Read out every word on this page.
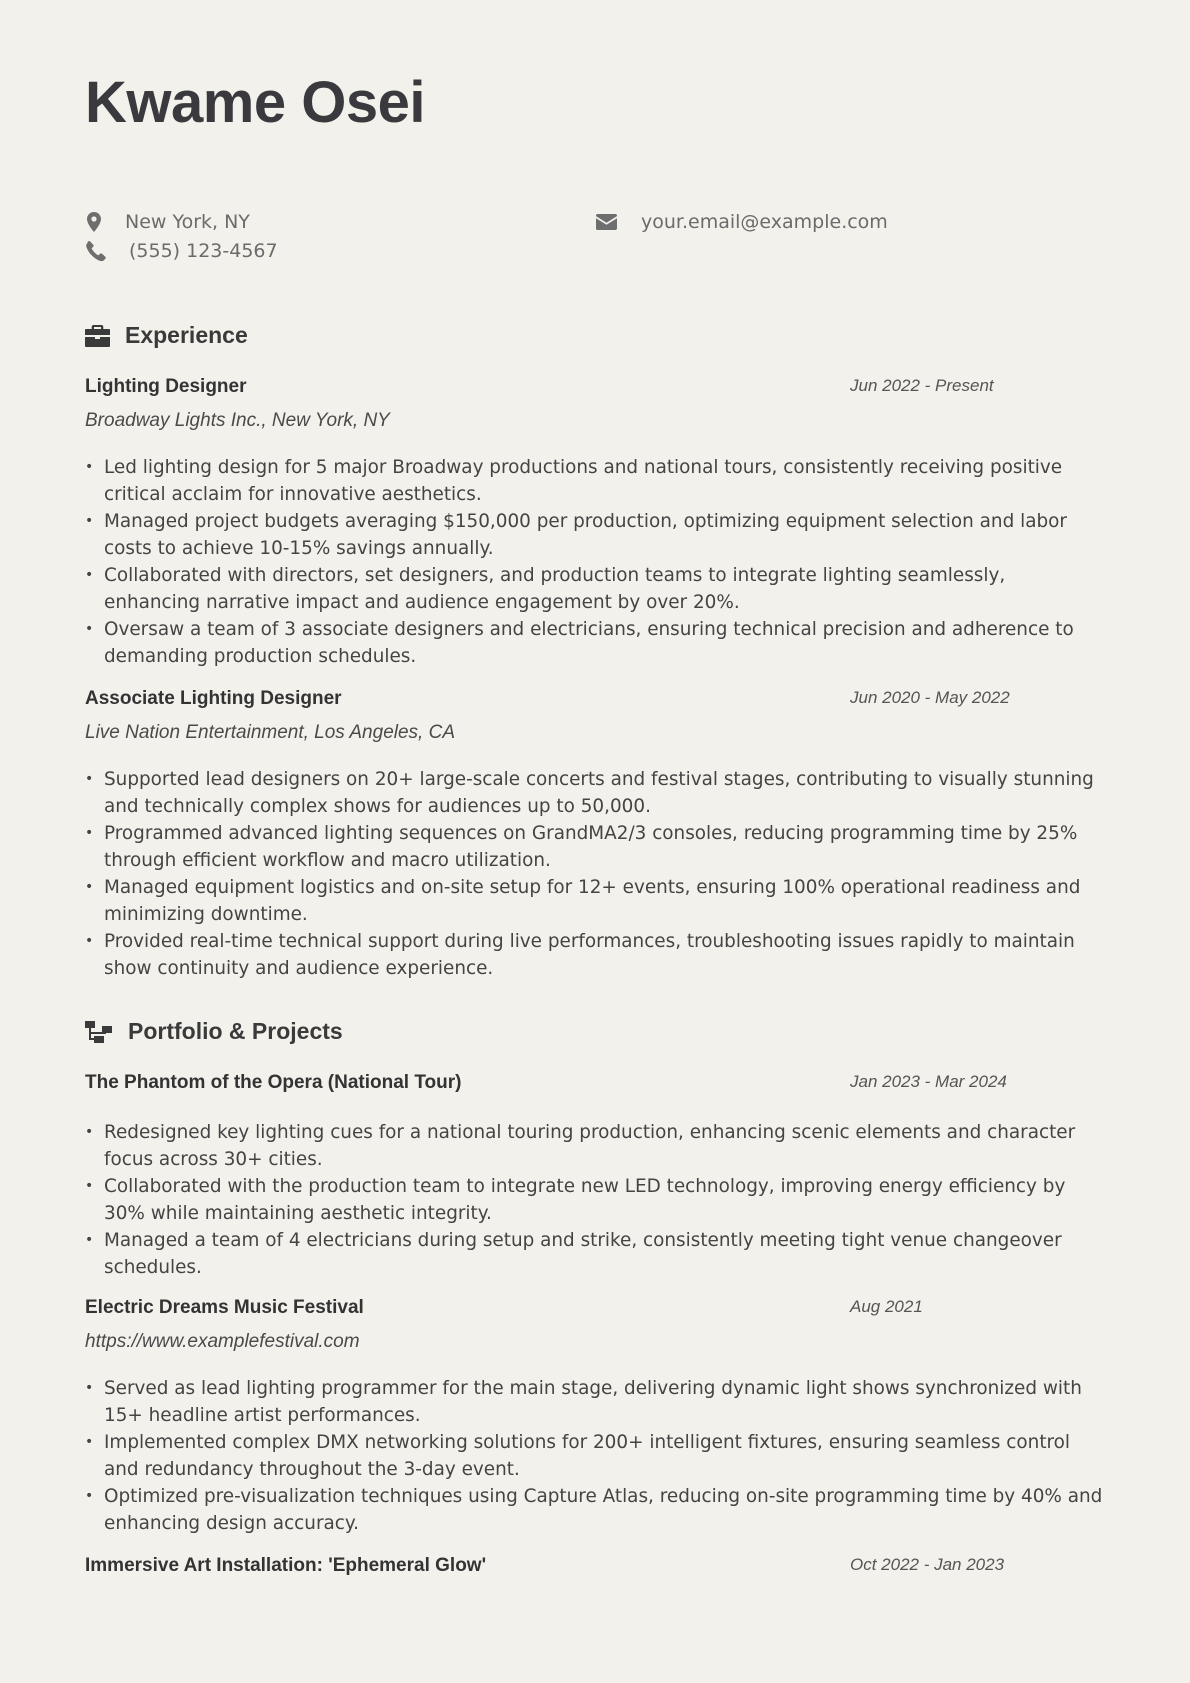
Kwame Osei
New York, NY
(555) 123-4567
your.email@example.com
Experience
Lighting Designer	Jun 2022 - Present
Broadway Lights Inc., New York, NY
• Led lighting design for 5 major Broadway productions and national tours, consistently receiving positive critical acclaim for innovative aesthetics.
• Managed project budgets averaging $150,000 per production, optimizing equipment selection and labor costs to achieve 10-15% savings annually.
• Collaborated with directors, set designers, and production teams to integrate lighting seamlessly, enhancing narrative impact and audience engagement by over 20%.
• Oversaw a team of 3 associate designers and electricians, ensuring technical precision and adherence to demanding production schedules.
Associate Lighting Designer	Jun 2020 - May 2022
Live Nation Entertainment, Los Angeles, CA
• Supported lead designers on 20+ large-scale concerts and festival stages, contributing to visually stunning and technically complex shows for audiences up to 50,000.
• Programmed advanced lighting sequences on GrandMA2/3 consoles, reducing programming time by 25% through efficient workflow and macro utilization.
• Managed equipment logistics and on-site setup for 12+ events, ensuring 100% operational readiness and minimizing downtime.
• Provided real-time technical support during live performances, troubleshooting issues rapidly to maintain show continuity and audience experience.
Portfolio & Projects
The Phantom of the Opera (National Tour)	Jan 2023 - Mar 2024
• Redesigned key lighting cues for a national touring production, enhancing scenic elements and character focus across 30+ cities.
• Collaborated with the production team to integrate new LED technology, improving energy efficiency by 30% while maintaining aesthetic integrity.
• Managed a team of 4 electricians during setup and strike, consistently meeting tight venue changeover schedules.
Electric Dreams Music Festival	Aug 2021
https://www.examplefestival.com
• Served as lead lighting programmer for the main stage, delivering dynamic light shows synchronized with 15+ headline artist performances.
• Implemented complex DMX networking solutions for 200+ intelligent fixtures, ensuring seamless control and redundancy throughout the 3-day event.
• Optimized pre-visualization techniques using Capture Atlas, reducing on-site programming time by 40% and enhancing design accuracy.
Immersive Art Installation: 'Ephemeral Glow'	Oct 2022 - Jan 2023
